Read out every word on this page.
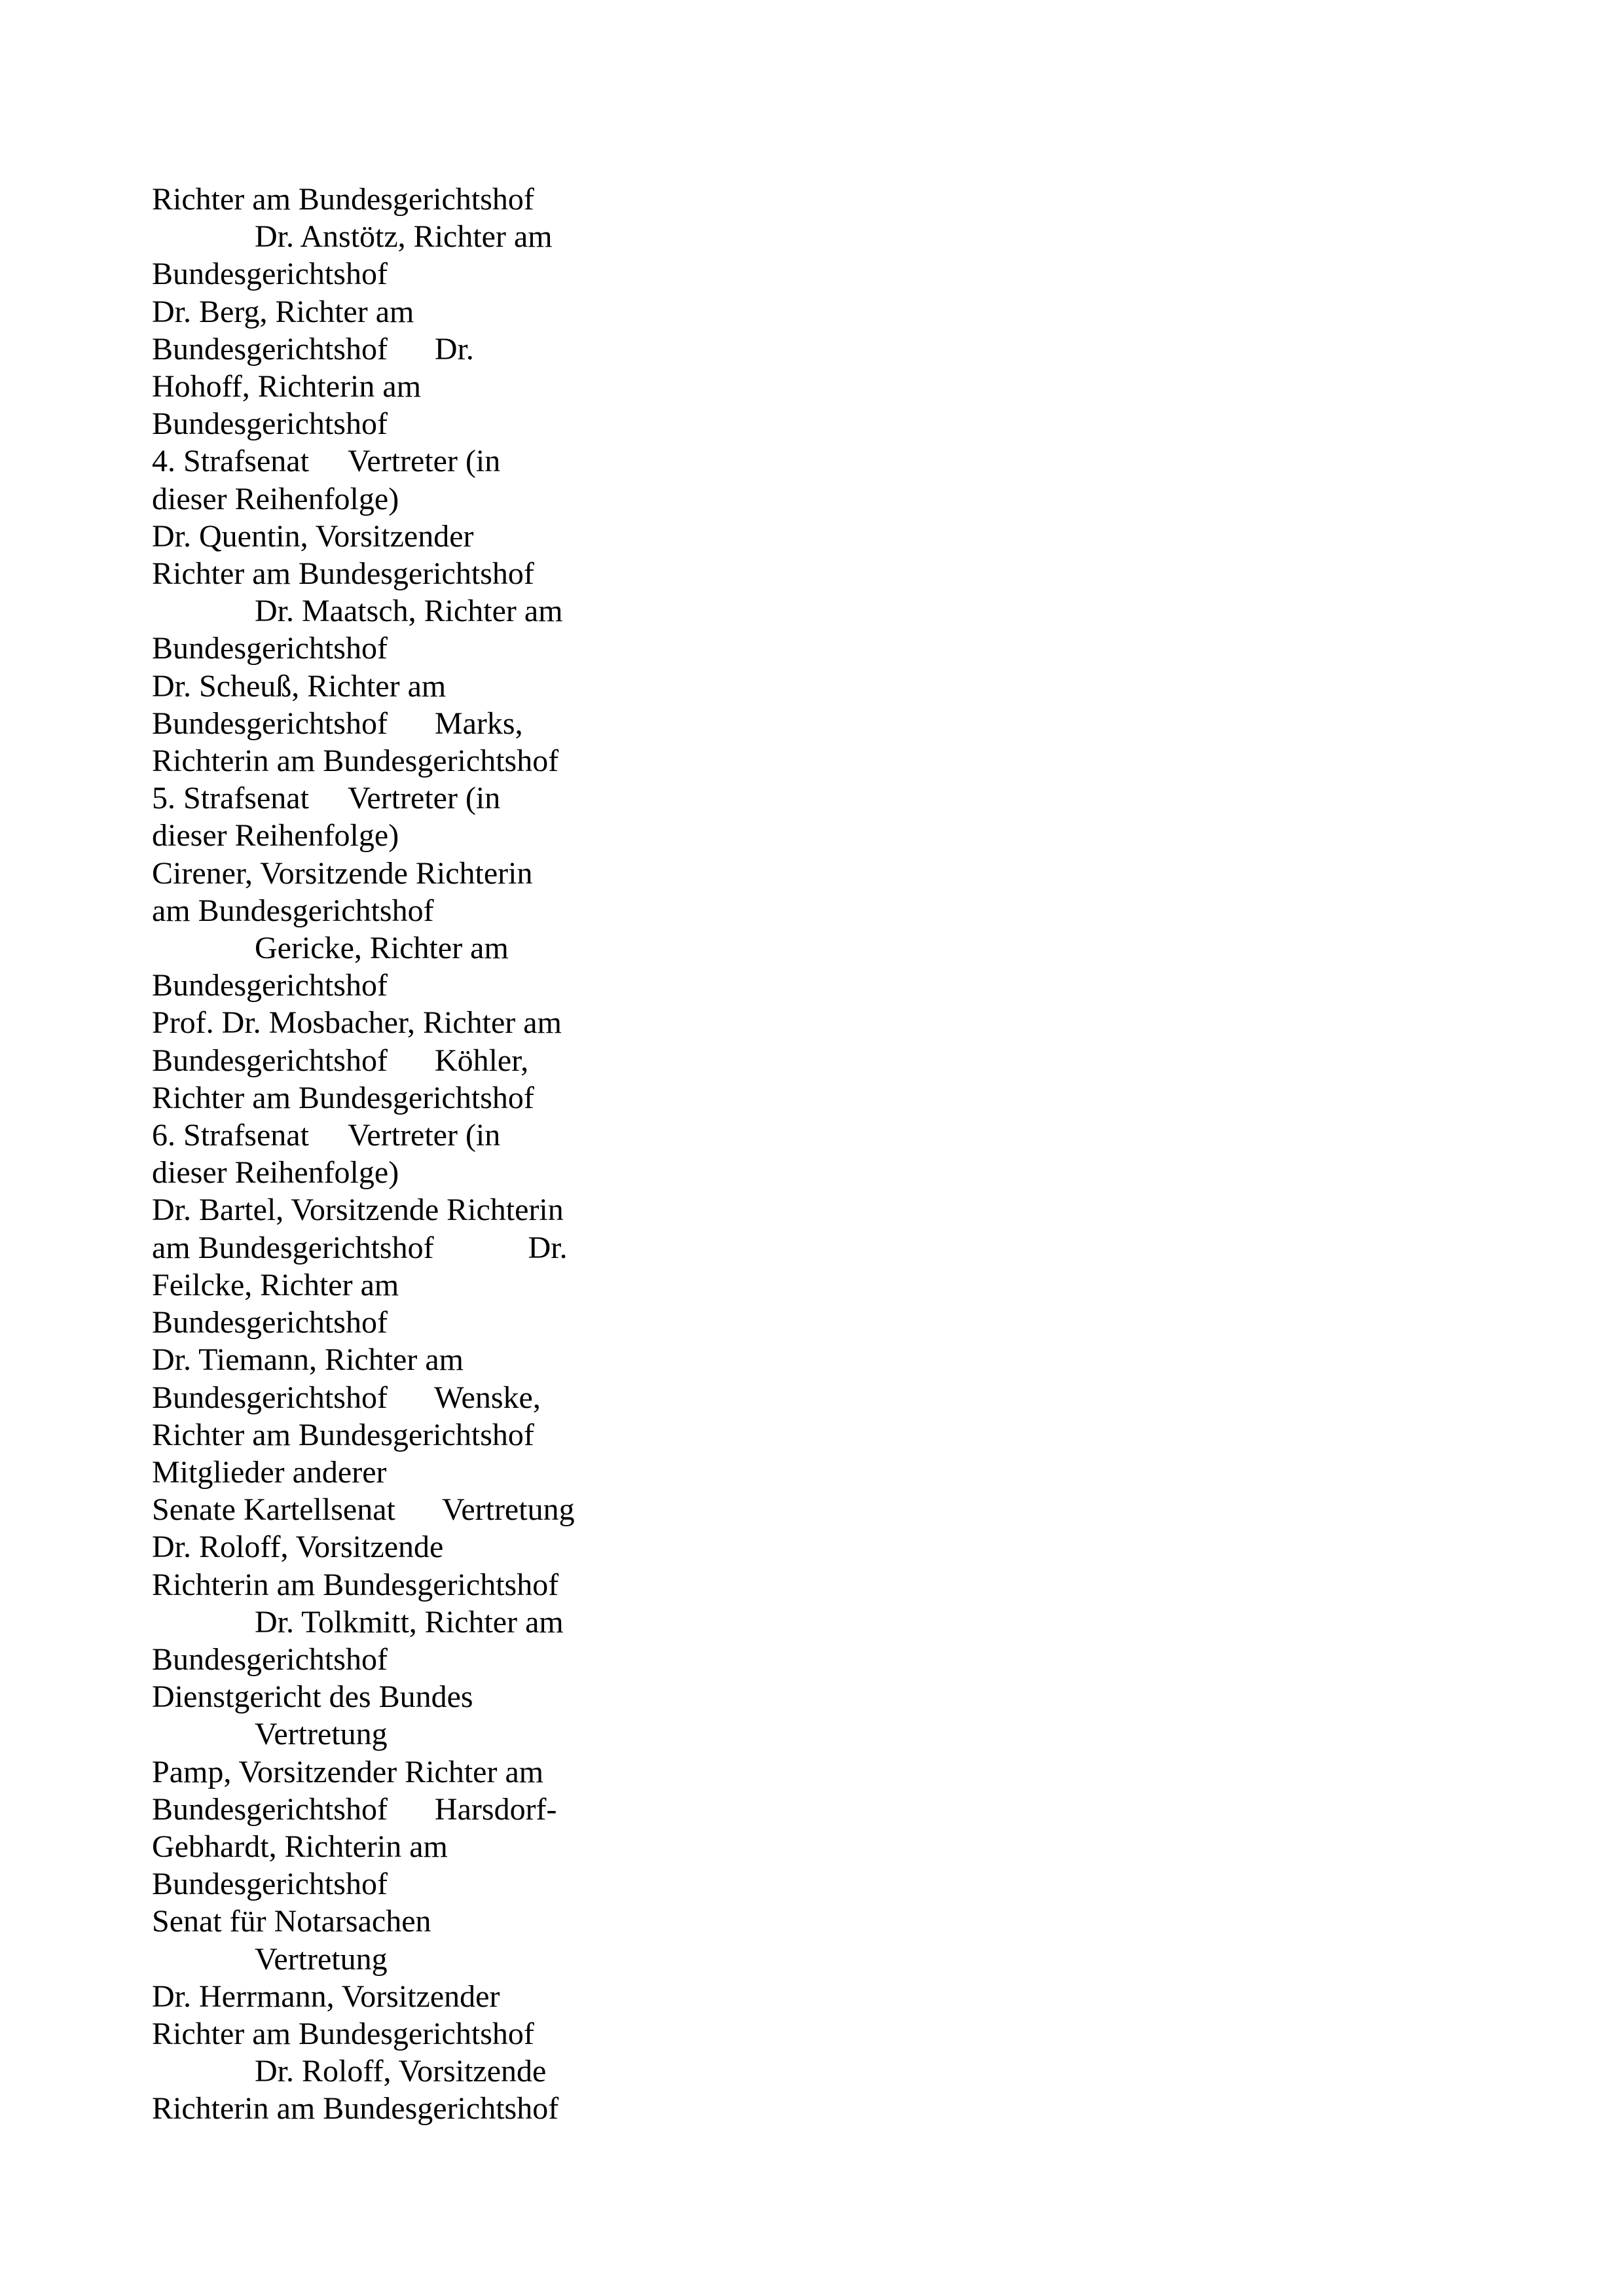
Richter am Bundesgerichtshof
Dr. Anstötz, Richter am
Bundesgerichtshof
Dr. Berg, Richter am
Bundesgerichtshof      Dr.
Hohoff, Richterin am
Bundesgerichtshof
4. Strafsenat     Vertreter (in
dieser Reihenfolge)
Dr. Quentin, Vorsitzender
Richter am Bundesgerichtshof
Dr. Maatsch, Richter am
Bundesgerichtshof
Dr. Scheuß, Richter am
Bundesgerichtshof      Marks,
Richterin am Bundesgerichtshof
5. Strafsenat     Vertreter (in
dieser Reihenfolge)
Cirener, Vorsitzende Richterin
am Bundesgerichtshof
Gericke, Richter am
Bundesgerichtshof
Prof. Dr. Mosbacher, Richter am
Bundesgerichtshof      Köhler,
Richter am Bundesgerichtshof
6. Strafsenat     Vertreter (in
dieser Reihenfolge)
Dr. Bartel, Vorsitzende Richterin
am Bundesgerichtshof            Dr.
Feilcke, Richter am
Bundesgerichtshof
Dr. Tiemann, Richter am
Bundesgerichtshof      Wenske,
Richter am Bundesgerichtshof
Mitglieder anderer
Senate Kartellsenat      Vertretung
Dr. Roloff, Vorsitzende
Richterin am Bundesgerichtshof
Dr. Tolkmitt, Richter am
Bundesgerichtshof
Dienstgericht des Bundes
Vertretung
Pamp, Vorsitzender Richter am
Bundesgerichtshof      Harsdorf-
Gebhardt, Richterin am
Bundesgerichtshof
Senat für Notarsachen
Vertretung
Dr. Herrmann, Vorsitzender
Richter am Bundesgerichtshof
Dr. Roloff, Vorsitzende
Richterin am Bundesgerichtshof
